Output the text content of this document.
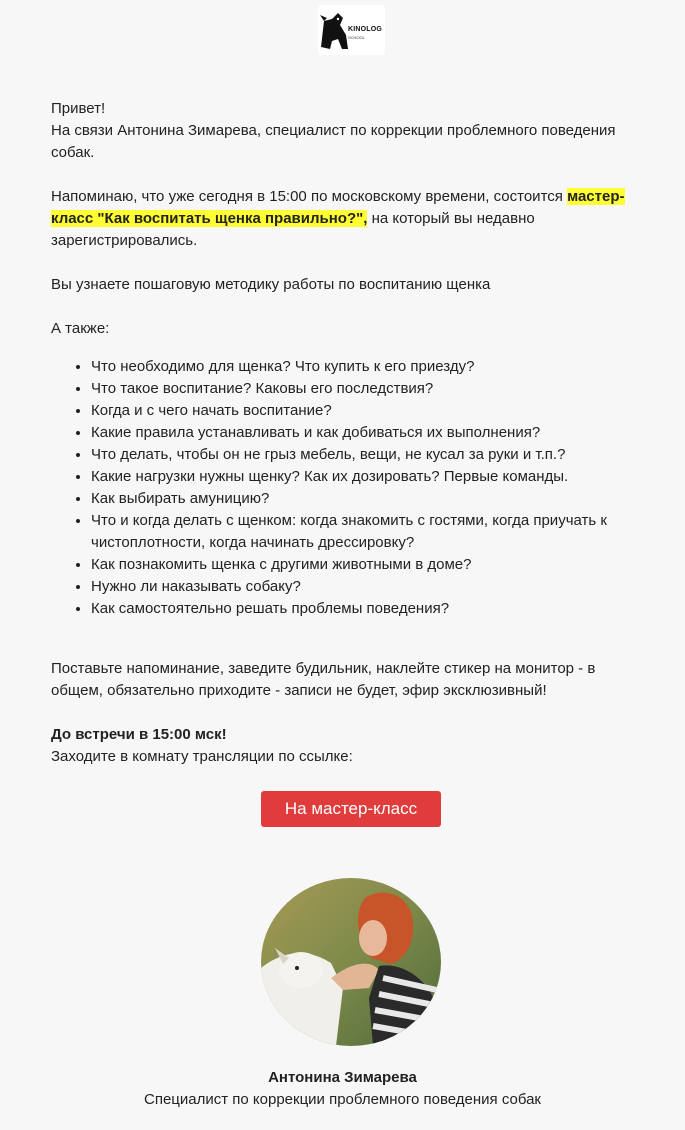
KINOLOG
SCHOOL

Привет!

На связи Антонина Зимарева, специалист по коррекции проблемного поведения собак.

Напоминаю, что уже сегодня в 15:00 по московскому времени, состоится мастер-класс "Как воспитать щенка правильно?", на который вы недавно зарегистрировались.

Вы узнаете пошаговую методику работы по воспитанию щенка

А также:

• Что необходимо для щенка? Что купить к его приезду?
• Что такое воспитание? Каковы его последствия?
• Когда и с чего начать воспитание?
• Какие правила устанавливать и как добиваться их выполнения?
• Что делать, чтобы он не грыз мебель, вещи, не кусал за руки и т.п.?
• Какие нагрузки нужны щенку? Как их дозировать? Первые команды.
• Как выбирать амуницию?
• Что и когда делать с щенком: когда знакомить с гостями, когда приучать к чистоплотности, когда начинать дрессировку?
• Как познакомить щенка с другими животными в доме?
• Нужно ли наказывать собаку?
• Как самостоятельно решать проблемы поведения?

Поставьте напоминание, заведите будильник, наклейте стикер на монитор - в общем, обязательно приходите - записи не будет, эфир эксклюзивный!

До встречи в 15:00 мск!

Заходите в комнату трансляции по ссылке:

На мастер-класс
Антонина Зимарева
Специалист по коррекции проблемного поведения собак
